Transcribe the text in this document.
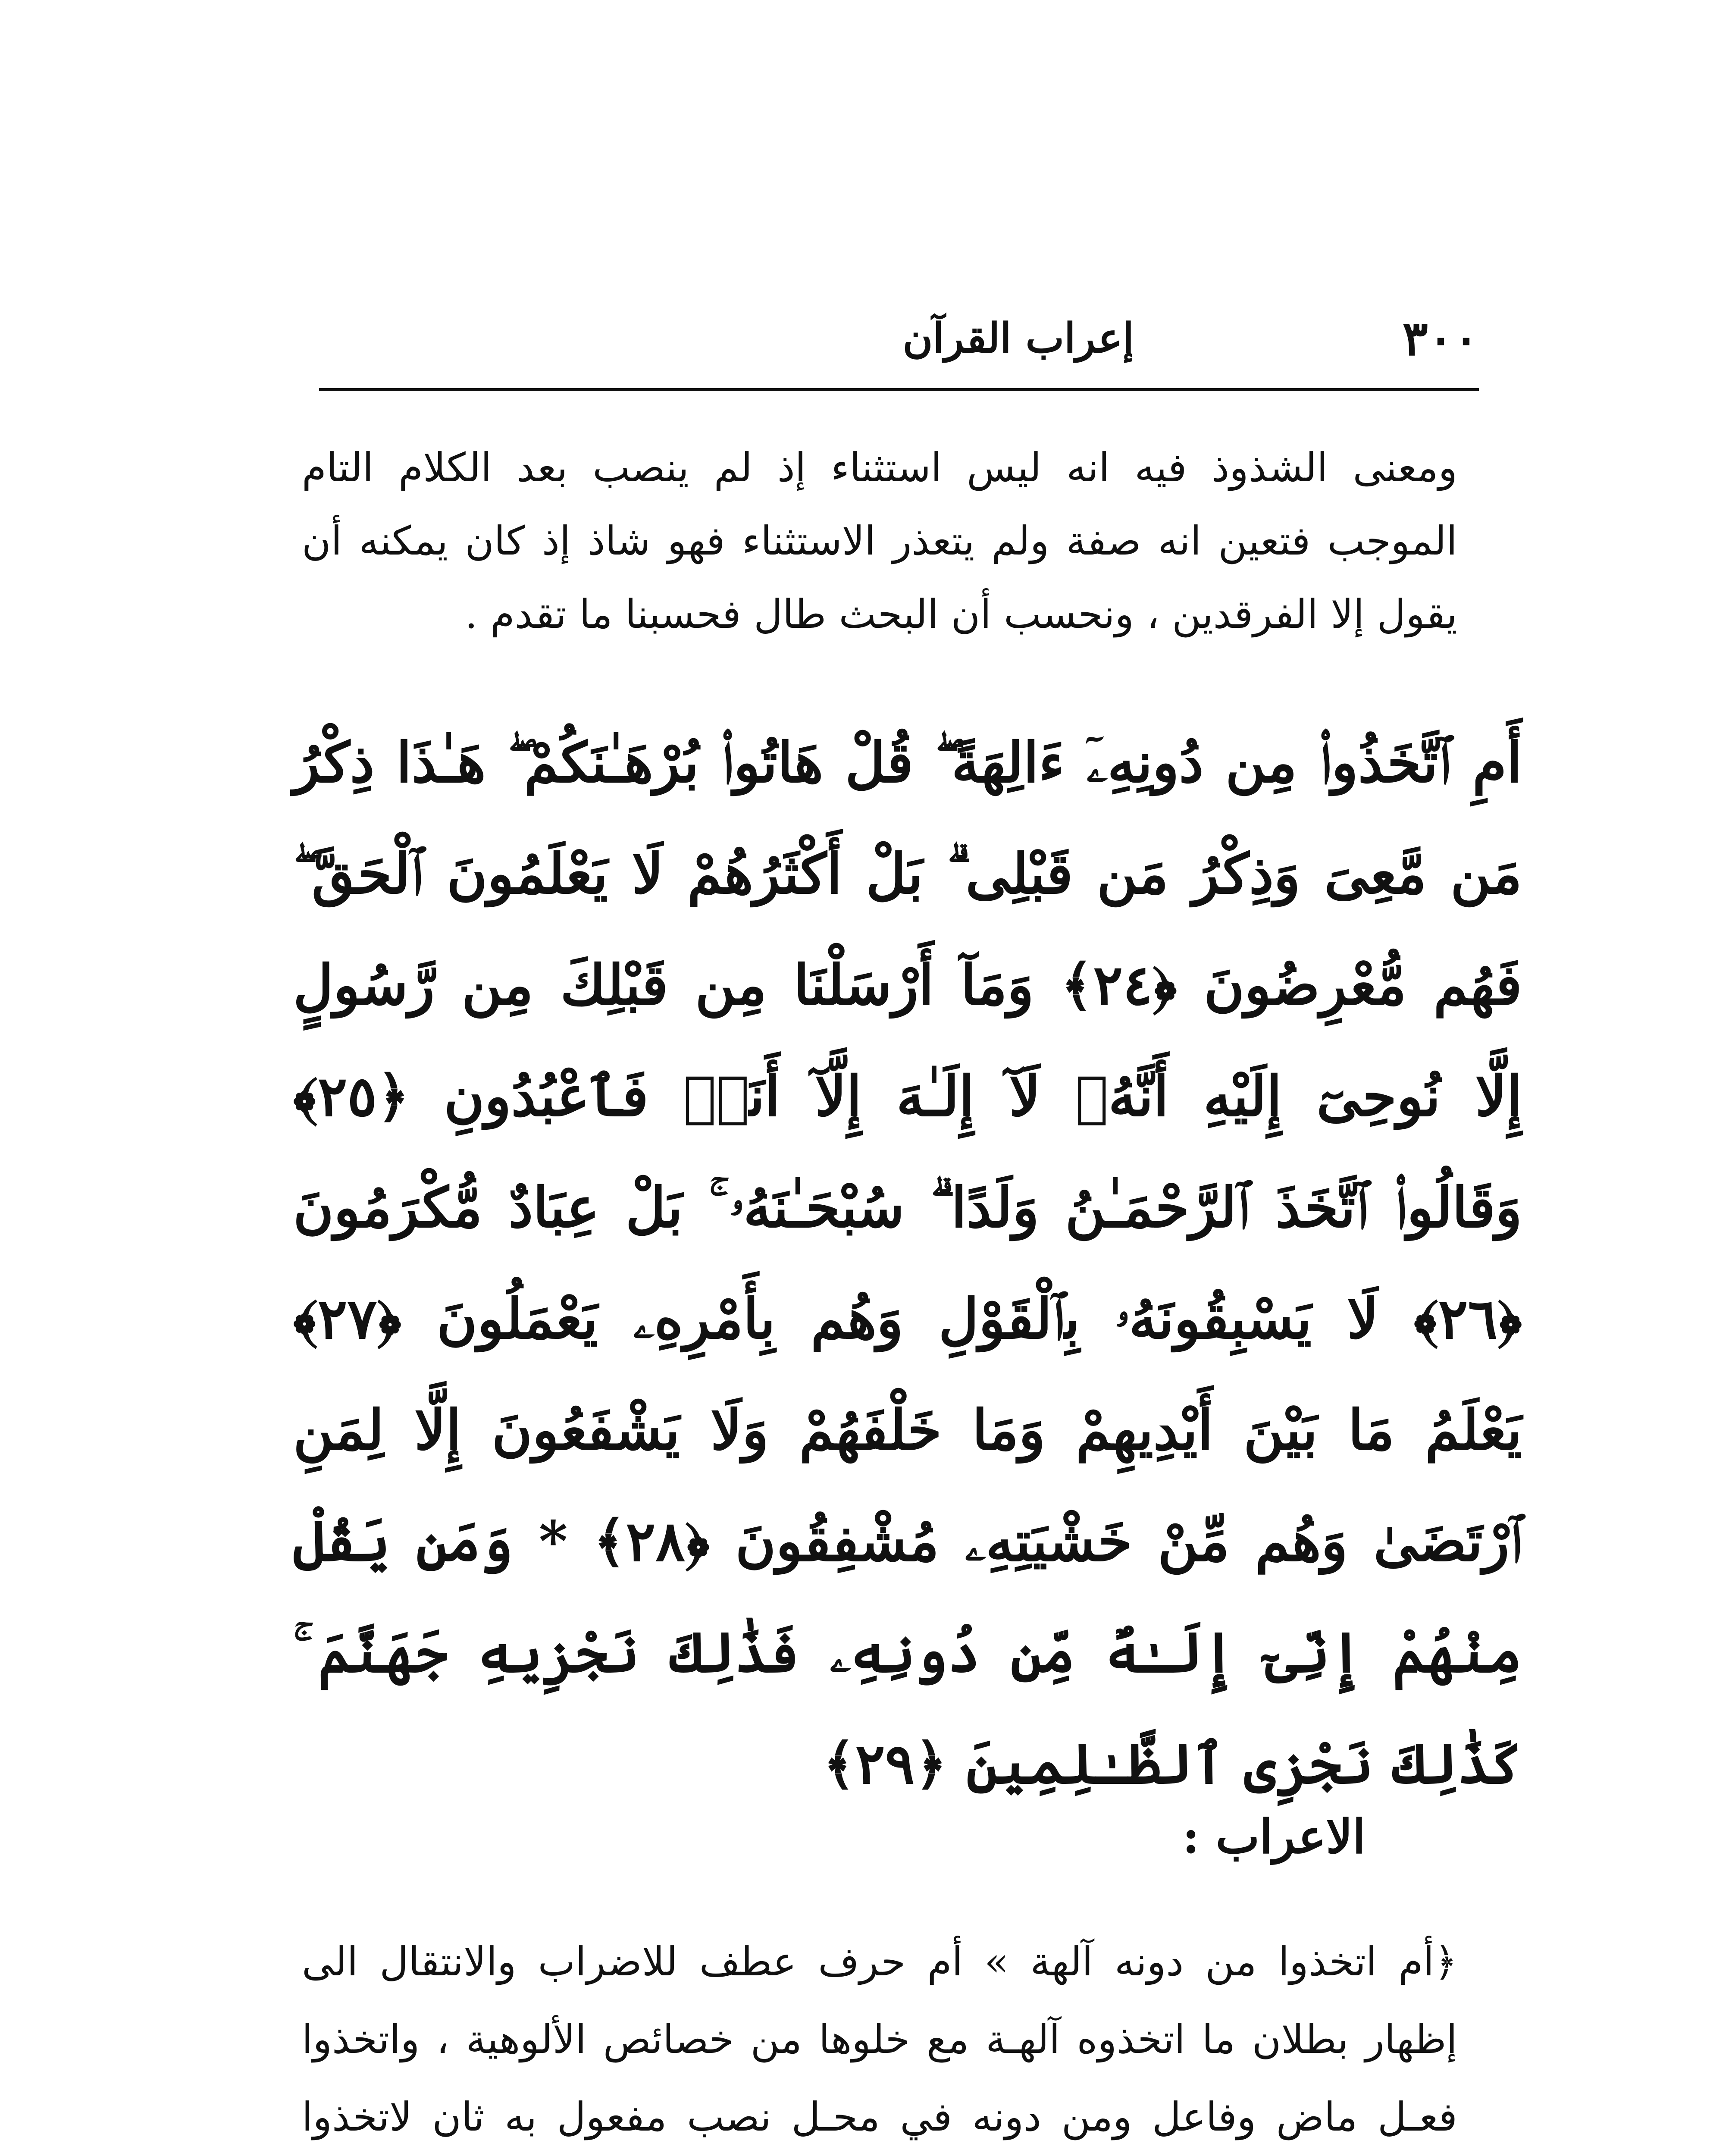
٣٠٠
إعراب القرآن

ومعنى الشذوذ فيه انه ليس استثناء إذ لم ينصب بعد الكلام التام الموجب فتعين انه صفة ولم يتعذر الاستثناء فهو شاذ إذ كان يمكنه أن يقول إلا الفرقدين ، ونحسب أن البحث طال فحسبنا ما تقدم .

أَمِ ٱتَّخَذُوا۟ مِن دُونِهِۦٓ ءَالِهَةً ۖ قُلْ هَاتُوا۟ بُرْهَـٰنَكُمْ ۖ هَـٰذَا ذِكْرُ مَن مَّعِىَ وَذِكْرُ مَن قَبْلِى ۗ بَلْ أَكْثَرُهُمْ لَا يَعْلَمُونَ ٱلْحَقَّ ۖ فَهُم مُّعْرِضُونَ ﴿٢٤﴾ وَمَآ أَرْسَلْنَا مِن قَبْلِكَ مِن رَّسُولٍ إِلَّا نُوحِىٓ إِلَيْهِ أَنَّهُۥ لَآ إِلَـٰهَ إِلَّآ أَنَا۠ فَٱعْبُدُونِ ﴿٢٥﴾ وَقَالُوا۟ ٱتَّخَذَ ٱلرَّحْمَـٰنُ وَلَدًا ۗ سُبْحَـٰنَهُۥ ۚ بَلْ عِبَادٌ مُّكْرَمُونَ ﴿٢٦﴾ لَا يَسْبِقُونَهُۥ بِٱلْقَوْلِ وَهُم بِأَمْرِهِۦ يَعْمَلُونَ ﴿٢٧﴾ يَعْلَمُ مَا بَيْنَ أَيْدِيهِمْ وَمَا خَلْفَهُمْ وَلَا يَشْفَعُونَ إِلَّا لِمَنِ ٱرْتَضَىٰ وَهُم مِّنْ خَشْيَتِهِۦ مُشْفِقُونَ ﴿٢٨﴾ * وَمَن يَقُلْ مِنْهُمْ إِنِّىٓ إِلَـٰهٌ مِّن دُونِهِۦ فَذَٰلِكَ نَجْزِيهِ جَهَنَّمَ ۚ كَذَٰلِكَ نَجْزِى ٱلظَّـٰلِمِينَ ﴿٢٩﴾

الاعراب :

﴿أم اتخذوا من دونه آلهة » أم حرف عطف للاضراب والانتقال الى إظهار بطلان ما اتخذوه آلهـة مع خلوها من خصائص الألوهية ، واتخذوا فعـل ماض وفاعل ومن دونه في محـل نصب مفعول به ثان لاتخذوا
